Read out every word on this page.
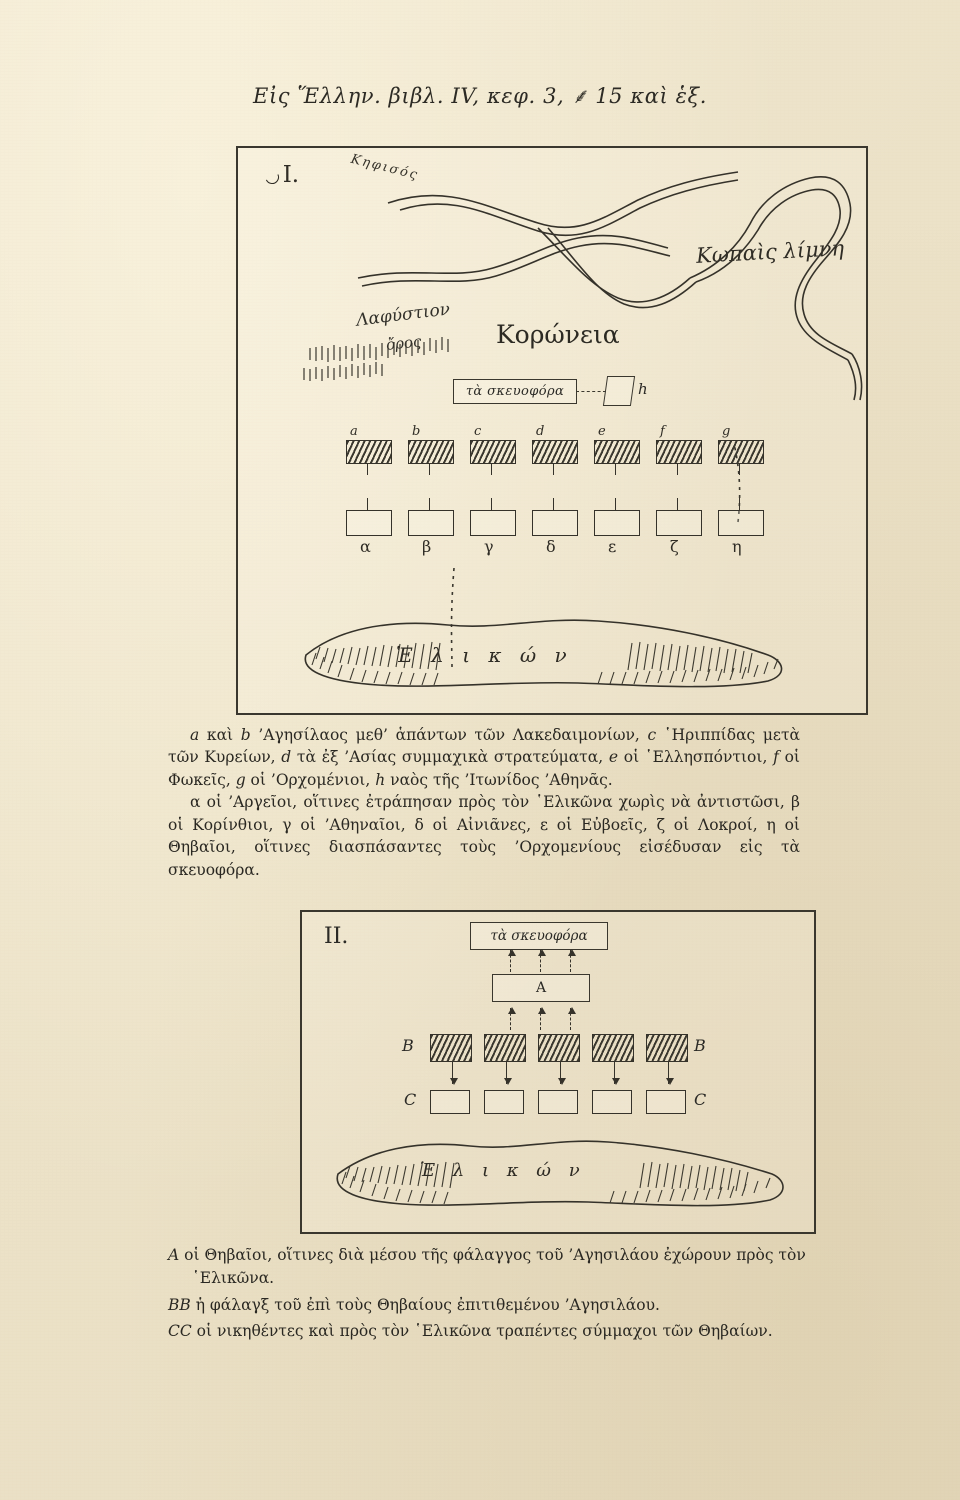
Εἰς Ἕλλην. βιβλ. IV, κεφ. 3, ⸙ 15 καὶ ἑξ.
◡I.	Κηφισός
Κωπαὶς λίμνη
Λαφύστιον
ὄρος	Κορώνεια
τὰ σκευοφόρα	h
a	b	c	d	e	f	g
α	β	γ	δ	ε	ζ	η
Ἑ λ ι κ ώ ν
a καὶ b ’Αγησίλαος μεθ’ ἁπάντων τῶν Λακεδαιμονίων, c ῾Ηριππίδας μετὰ τῶν Κυρείων, d τὰ ἐξ ’Ασίας συμμαχικὰ στρατεύματα, e οἱ ῾Ελλησπόντιοι, f οἱ Φωκεῖς, g οἱ ’Ορχομένιοι, h ναὸς τῆς ’Ιτωνίδος ’Αθηνᾶς.
α οἱ ’Αργεῖοι, οἵτινες ἐτράπησαν πρὸς τὸν ῾Ελικῶνα χωρὶς νὰ ἀντιστῶσι, β οἱ Κορίνθιοι, γ οἱ ’Αθηναῖοι, δ οἱ Αἰνιᾶνες, ε οἱ Εὐβοεῖς, ζ οἱ Λοκροί, η οἱ Θηβαῖοι, οἵτινες διασπάσαντες τοὺς ’Ορχομενίους εἰσέδυσαν εἰς τὰ σκευοφόρα.
II.	τὰ σκευοφόρα
A
B	B
C	C
Ἑ λ ι κ ώ ν

A οἱ Θηβαῖοι, οἵτινες διὰ μέσου τῆς φάλαγγος τοῦ ’Αγησιλάου ἐχώρουν πρὸς τὸν ῾Ελικῶνα.

BB ἡ φάλαγξ τοῦ ἐπὶ τοὺς Θηβαίους ἐπιτιθεμένου ’Αγησιλάου.

CC οἱ νικηθέντες καὶ πρὸς τὸν ῾Ελικῶνα τραπέντες σύμμαχοι τῶν Θηβαίων.
